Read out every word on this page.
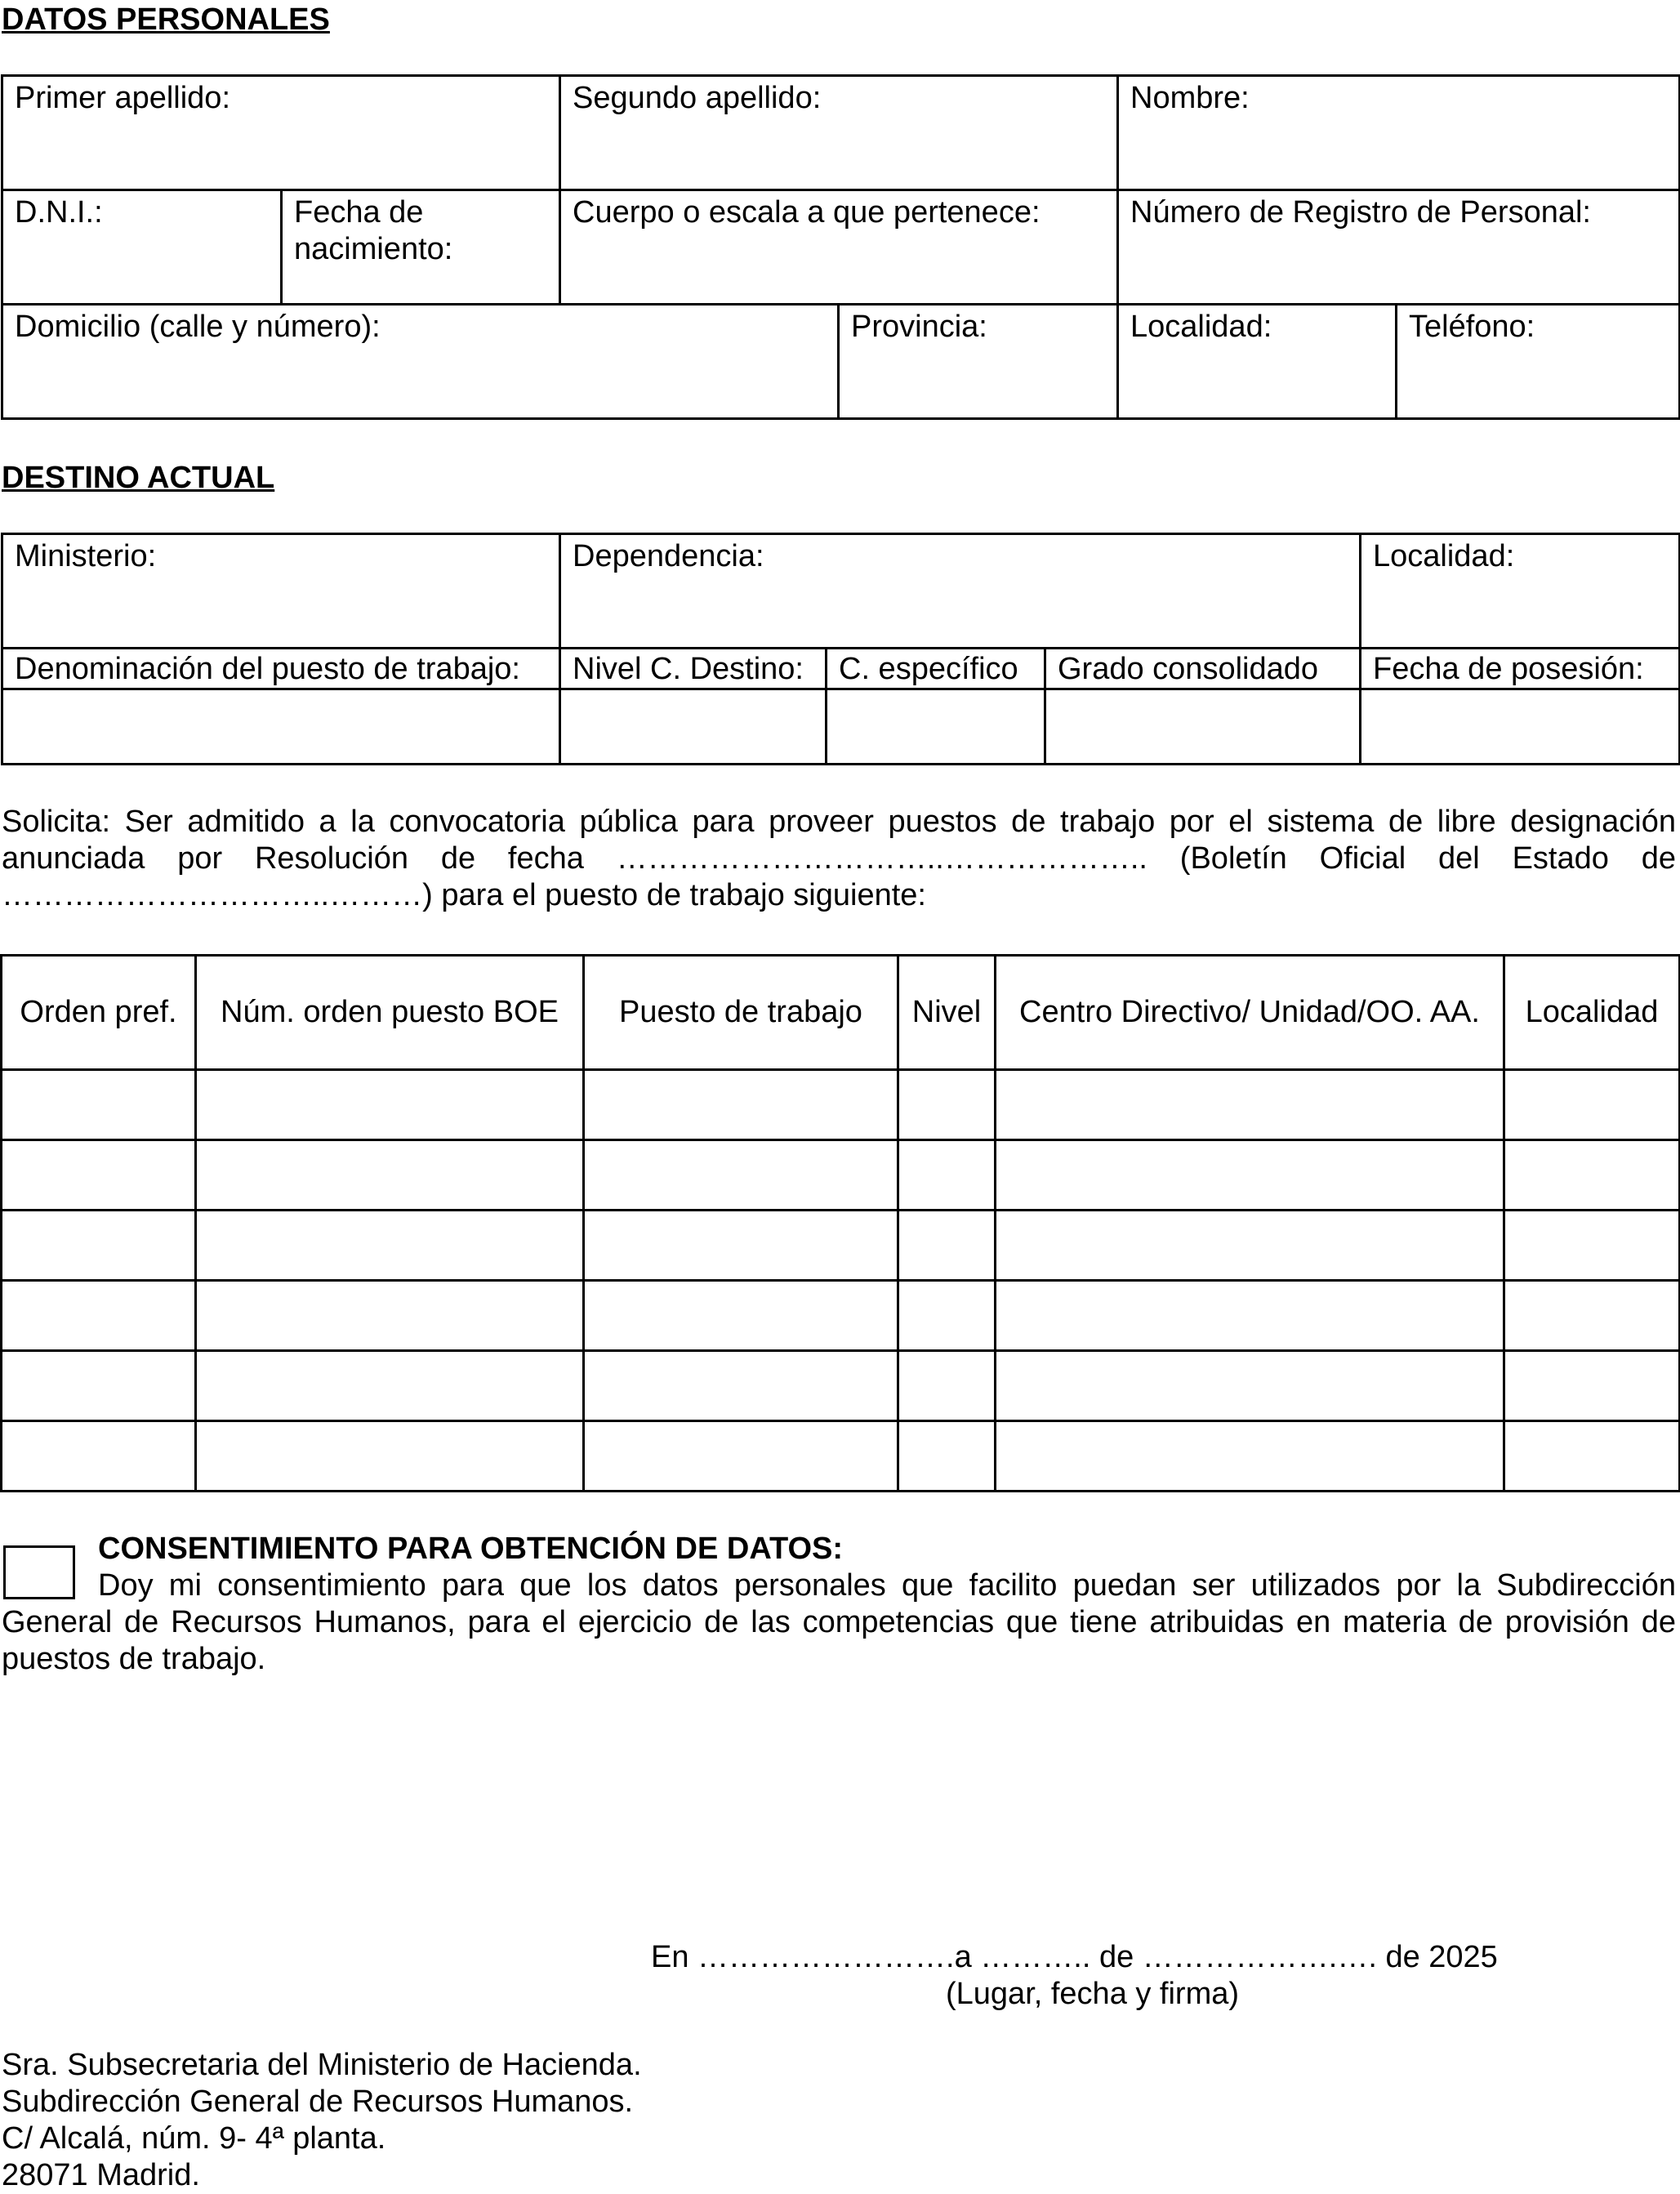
DATOS PERSONALES
Primer apellido:		Segundo apellido:		Nombre:	
D.N.I.:	Fecha de nacimiento:	Cuerpo o escala a que pertenece:		Número de Registro de Personal:	
Domicilio (calle y número):			Provincia:	Localidad:	Teléfono:
DESTINO ACTUAL
Ministerio:	Dependencia:			Localidad:
Denominación del puesto de trabajo:	Nivel C. Destino:	C. específico	Grado consolidado	Fecha de posesión:

Solicita: Ser admitido a la convocatoria pública para proveer puestos de trabajo por el sistema de libre designación anunciada por Resolución de fecha …………………………..……………….. (Boletín Oficial del Estado de …………………………..………) para el puesto de trabajo siguiente:
Orden pref.	Núm. orden puesto BOE	Puesto de trabajo	Nivel	Centro Directivo/ Unidad/OO. AA.	Localidad

CONSENTIMIENTO PARA OBTENCIÓN DE DATOS:
Doy mi consentimiento para que los datos personales que facilito puedan ser utilizados por la Subdirección General de Recursos Humanos, para el ejercicio de las competencias que tiene atribuidas en materia de provisión de puestos de trabajo.
En …………………….a ……….. de ……………….…. de 2025
(Lugar, fecha y firma)
Sra. Subsecretaria del Ministerio de Hacienda.
Subdirección General de Recursos Humanos.
C/ Alcalá, núm. 9- 4ª planta.
28071 Madrid.
